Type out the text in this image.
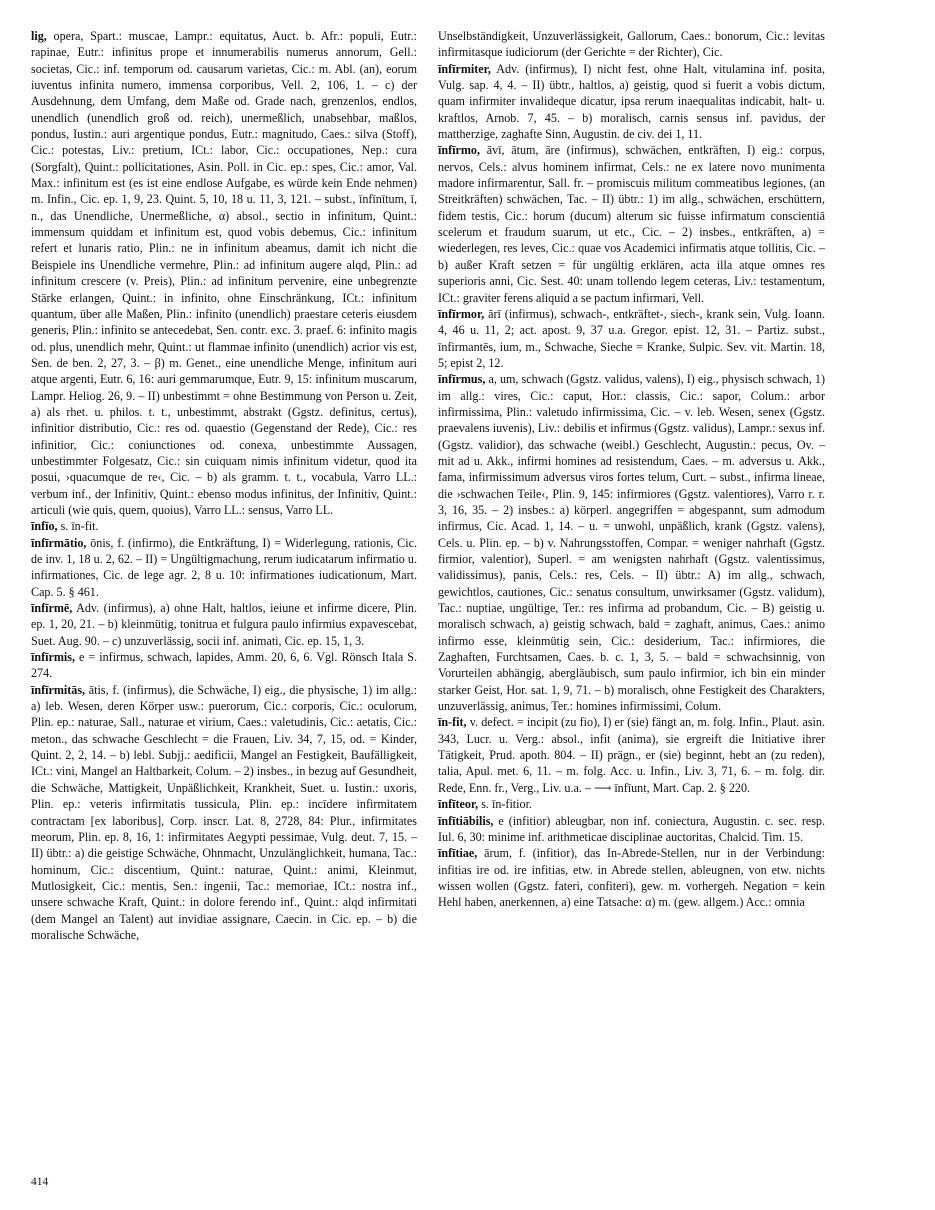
lig, opera, Spart.: muscae, Lampr.: equitatus, Auct. b. Afr.: populi, Eutr.: rapinae, Eutr.: infinitus prope et innumerabilis numerus annorum, Gell.: societas, Cic.: inf. temporum od. causarum varietas, Cic.: m. Abl. (an), eorum iuventus infinita numero, immensa corporibus, Vell. 2, 106, 1. – c) der Ausdehnung, dem Umfang, dem Maße od. Grade nach, grenzenlos, endlos, unendlich (unendlich groß od. reich), unermeßlich, unabsehbar, maßlos, pondus, Iustin.: auri argentique pondus, Eutr.: magnitudo, Caes.: silva (Stoff), Cic.: potestas, Liv.: pretium, ICt.: labor, Cic.: occupationes, Nep.: cura (Sorgfalt), Quint.: pollicitationes, Asin. Poll. in Cic. ep.: spes, Cic.: amor, Val. Max.: infinitum est (es ist eine endlose Aufgabe, es würde kein Ende nehmen) m. Infin., Cic. ep. 1, 9, 23. Quint. 5, 10, 18 u. 11, 3, 121. – subst., īnfīnītum, ī, n., das Unendliche, Unermeßliche, α) absol., sectio in infinitum, Quint.: immensum quiddam et infinitum est, quod vobis debemus, Cic.: infinitum refert et lunaris ratio, Plin.: ne in infinitum abeamus, damit ich nicht die Beispiele ins Unendliche vermehre, Plin.: ad infinitum augere alqd, Plin.: ad infinitum crescere (v. Preis), Plin.: ad infinitum pervenire, eine unbegrenzte Stärke erlangen, Quint.: in infinito, ohne Einschränkung, ICt.: infinitum quantum, über alle Maßen, Plin.: infinito (unendlich) praestare ceteris eiusdem generis, Plin.: infinito se antecedebat, Sen. contr. exc. 3. praef. 6: infinito magis od. plus, unendlich mehr, Quint.: ut flammae infinito (unendlich) acrior vis est, Sen. de ben. 2, 27, 3. – β) m. Genet., eine unendliche Menge, infinitum auri atque argenti, Eutr. 6, 16: auri gemmarumque, Eutr. 9, 15: infinitum muscarum, Lampr. Heliog. 26, 9. – II) unbestimmt = ohne Bestimmung von Person u. Zeit, a) als rhet. u. philos. t. t., unbestimmt, abstrakt (Ggstz. definitus, certus), infinitior distributio, Cic.: res od. quaestio (Gegenstand der Rede), Cic.: res infinitior, Cic.: coniunctiones od. conexa, unbestimmte Aussagen, unbestimmter Folgesatz, Cic.: sin cuiquam nimis infinitum videtur, quod ita posui, ›quacumque de re‹, Cic. – b) als gramm. t. t., vocabula, Varro LL.: verbum inf., der Infinitiv, Quint.: ebenso modus infinitus, der Infinitiv, Quint.: articuli (wie quis, quem, quoius), Varro LL.: sensus, Varro LL.

īnfīo, s. īn-fit.

īnfīrmātio, ōnis, f. (infirmo), die Entkräftung, I) = Widerlegung, rationis, Cic. de inv. 1, 18 u. 2, 62. – II) = Ungültigmachung, rerum iudicatarum infirmatio u. infirmationes, Cic. de lege agr. 2, 8 u. 10: infirmationes iudicationum, Mart. Cap. 5. § 461.

īnfīrmē, Adv. (infirmus), a) ohne Halt, haltlos, ieiune et infirme dicere, Plin. ep. 1, 20, 21. – b) kleinmütig, tonitrua et fulgura paulo infirmius expavescebat, Suet. Aug. 90. – c) unzuverlässig, socii inf. animati, Cic. ep. 15, 1, 3.

īnfīrmis, e = infirmus, schwach, lapides, Amm. 20, 6, 6. Vgl. Rönsch Itala S. 274.

īnfīrmitās, ātis, f. (infirmus), die Schwäche, I) eig., die physische, 1) im allg.: a) leb. Wesen, deren Körper usw.: puerorum, Cic.: corporis, Cic.: oculorum, Plin. ep.: naturae, Sall., naturae et virium, Caes.: valetudinis, Cic.: aetatis, Cic.: meton., das schwache Geschlecht = die Frauen, Liv. 34, 7, 15, od. = Kinder, Quint. 2, 2, 14. – b) lebl. Subjj.: aedificii, Mangel an Festigkeit, Baufälligkeit, ICt.: vini, Mangel an Haltbarkeit, Colum. – 2) insbes., in bezug auf Gesundheit, die Schwäche, Mattigkeit, Unpäßlichkeit, Krankheit, Suet. u. Iustin.: uxoris, Plin. ep.: veteris infirmitatis tussicula, Plin. ep.: incīdere infirmitatem contractam [ex laboribus], Corp. inscr. Lat. 8, 2728, 84: Plur., infirmitates meorum, Plin. ep. 8, 16, 1: infirmitates Aegypti pessimae, Vulg. deut. 7, 15. – II) übtr.: a) die geistige Schwäche, Ohnmacht, Unzulänglichkeit, humana, Tac.: hominum, Cic.: discentium, Quint.: naturae, Quint.: animi, Kleinmut, Mutlosigkeit, Cic.: mentis, Sen.: ingenii, Tac.: memoriae, ICt.: nostra inf., unsere schwache Kraft, Quint.: in dolore ferendo inf., Quint.: alqd infirmitati (dem Mangel an Talent) aut invidiae assignare, Caecin. in Cic. ep. – b) die moralische Schwäche,

Unselbständigkeit, Unzuverlässigkeit, Gallorum, Caes.: bonorum, Cic.: levitas infirmitasque iudiciorum (der Gerichte = der Richter), Cic.

īnfīrmiter, Adv. (infirmus), I) nicht fest, ohne Halt, vitulamina inf. posita, Vulg. sap. 4, 4. – II) übtr., haltlos, a) geistig, quod si fuerit a vobis dictum, quam infirmiter invalideque dicatur, ipsa rerum inaequalitas indicabit, halt- u. kraftlos, Arnob. 7, 45. – b) moralisch, carnis sensus inf. pavidus, der mattherzige, zaghafte Sinn, Augustin. de civ. dei 1, 11.

īnfīrmo, āvī, ātum, āre (infirmus), schwächen, entkräften, I) eig.: corpus, nervos, Cels.: alvus hominem infirmat, Cels.: ne ex latere novo munimenta madore infirmarentur, Sall. fr. – promiscuis militum commeatibus legiones, (an Streitkräften) schwächen, Tac. – II) übtr.: 1) im allg., schwächen, erschüttern, fidem testis, Cic.: horum (ducum) alterum sic fuisse infirmatum conscientiā scelerum et fraudum suarum, ut etc., Cic. – 2) insbes., entkräften, a) = wiederlegen, res leves, Cic.: quae vos Academici infirmatis atque tollitis, Cic. – b) außer Kraft setzen = für ungültig erklären, acta illa atque omnes res superioris anni, Cic. Sest. 40: unam tollendo legem ceteras, Liv.: testamentum, ICt.: graviter ferens aliquid a se pactum infirmari, Vell.

īnfīrmor, ārī (infirmus), schwach-, entkräftet-, siech-, krank sein, Vulg. Ioann. 4, 46 u. 11, 2; act. apost. 9, 37 u.a. Gregor. epist. 12, 31. – Partiz. subst., īnfirmantēs, ium, m., Schwache, Sieche = Kranke, Sulpic. Sev. vit. Martin. 18, 5; epist 2, 12.

īnfīrmus, a, um, schwach (Ggstz. validus, valens), I) eig., physisch schwach, 1) im allg.: vires, Cic.: caput, Hor.: classis, Cic.: sapor, Colum.: arbor infirmissima, Plin.: valetudo infirmissima, Cic. – v. leb. Wesen, senex (Ggstz. praevalens iuvenis), Liv.: debilis et infirmus (Ggstz. validus), Lampr.: sexus inf. (Ggstz. validior), das schwache (weibl.) Geschlecht, Augustin.: pecus, Ov. – mit ad u. Akk., infirmi homines ad resistendum, Caes. – m. adversus u. Akk., fama, infirmissimum adversus viros fortes telum, Curt. – subst., infirma lineae, die ›schwachen Teile‹, Plin. 9, 145: infirmiores (Ggstz. valentiores), Varro r. r. 3, 16, 35. – 2) insbes.: a) körperl. angegriffen = abgespannt, sum admodum infirmus, Cic. Acad. 1, 14. – u. = unwohl, unpäßlich, krank (Ggstz. valens), Cels. u. Plin. ep. – b) v. Nahrungsstoffen, Compar. = weniger nahrhaft (Ggstz. firmior, valentior), Superl. = am wenigsten nahrhaft (Ggstz. valentissimus, validissimus), panis, Cels.: res, Cels. – II) übtr.: A) im allg., schwach, gewichtlos, cautiones, Cic.: senatus consultum, unwirksamer (Ggstz. validum), Tac.: nuptiae, ungültige, Ter.: res infirma ad probandum, Cic. – B) geistig u. moralisch schwach, a) geistig schwach, bald = zaghaft, animus, Caes.: animo infirmo esse, kleinmütig sein, Cic.: desiderium, Tac.: infirmiores, die Zaghaften, Furchtsamen, Caes. b. c. 1, 3, 5. – bald = schwachsinnig, von Vorurteilen abhängig, abergläubisch, sum paulo infirmior, ich bin ein minder starker Geist, Hor. sat. 1, 9, 71. – b) moralisch, ohne Festigkeit des Charakters, unzuverlässig, animus, Ter.: homines infirmissimi, Colum.

īn-fit, v. defect. = incipit (zu fio), I) er (sie) fängt an, m. folg. Infin., Plaut. asin. 343, Lucr. u. Verg.: absol., infit (anima), sie ergreift die Initiative ihrer Tätigkeit, Prud. apoth. 804. – II) prägn., er (sie) beginnt, hebt an (zu reden), talia, Apul. met. 6, 11. – m. folg. Acc. u. Infin., Liv. 3, 71, 6. – m. folg. dir. Rede, Enn. fr., Verg., Liv. u.a. – ⟶ īnfīunt, Mart. Cap. 2. § 220.

īnfīteor, s. īn-fitior.

īnfītiābilis, e (infitior) ableugbar, non inf. coniectura, Augustin. c. sec. resp. Iul. 6, 30: minime inf. arithmeticae disciplinae auctoritas, Chalcid. Tim. 15.

īnfītiae, ārum, f. (infitior), das In-Abrede-Stellen, nur in der Verbindung: infitias ire od. ire infitias, etw. in Abrede stellen, ableugnen, von etw. nichts wissen wollen (Ggstz. fateri, confiteri), gew. m. vorhergeh. Negation = kein Hehl haben, anerkennen, a) eine Tatsache: α) m. (gew. allgem.) Acc.: omnia

414
